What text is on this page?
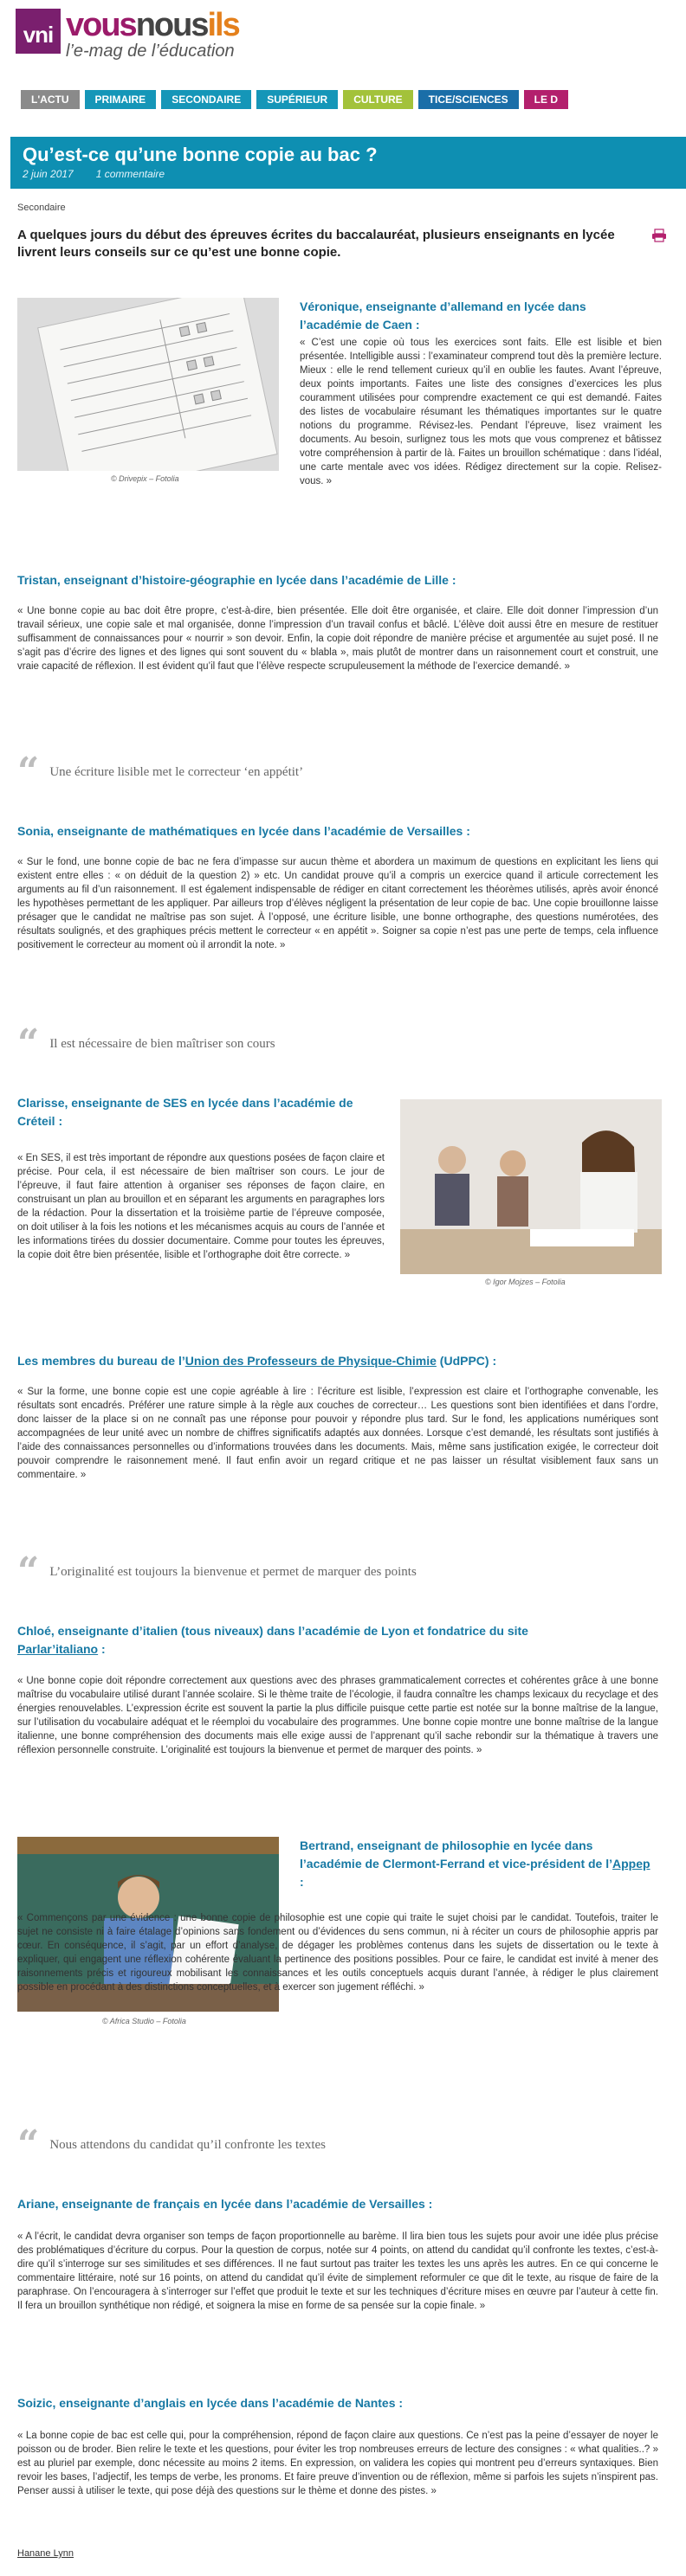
vni vousnousils
l’e-mag de l’éducation
L'ACTU	PRIMAIRE	SECONDAIRE	SUPÉRIEUR	CULTURE	TICE/SCIENCES	LE D
Qu’est-ce qu’une bonne copie au bac ?
2 juin 2017 1 commentaire
Secondaire
A quelques jours du début des épreuves écrites du baccalauréat, plusieurs enseignants en lycée livrent leurs conseils sur ce qu’est une bonne copie.
© Drivepix – Fotolia
Véronique, enseignante d’allemand en lycée dans l’académie de Caen :
« C’est une copie où tous les exercices sont faits. Elle est lisible et bien présentée. Intelligible aussi : l’examinateur comprend tout dès la première lecture. Mieux : elle le rend tellement curieux qu’il en oublie les fautes. Avant l’épreuve, deux points importants. Faites une liste des consignes d’exercices les plus couramment utilisées pour comprendre exactement ce qui est demandé. Faites des listes de vocabulaire résumant les thématiques importantes sur le quatre notions du programme. Révisez-les. Pendant l’épreuve, lisez vraiment les documents. Au besoin, surlignez tous les mots que vous comprenez et bâtissez votre compréhension à partir de là. Faites un brouillon schématique : dans l’idéal, une carte mentale avec vos idées. Rédigez directement sur la copie. Relisez-vous. »
Tristan, enseignant d’histoire-géographie en lycée dans l’académie de Lille :
« Une bonne copie au bac doit être propre, c’est-à-dire, bien présentée. Elle doit être organisée, et claire. Elle doit donner l’impression d’un travail sérieux, une copie sale et mal organisée, donne l’impression d’un travail confus et bâclé. L’élève doit aussi être en mesure de restituer suffisamment de connaissances pour « nourrir » son devoir. Enfin, la copie doit répondre de manière précise et argumentée au sujet posé. Il ne s’agit pas d’écrire des lignes et des lignes qui sont souvent du « blabla », mais plutôt de montrer dans un raisonnement court et construit, une vraie capacité de réflexion. Il est évident qu’il faut que l’élève respecte scrupuleusement la méthode de l’exercice demandé. »
“ Une écriture lisible met le correcteur ‘en appétit’
Sonia, enseignante de mathématiques en lycée dans l’académie de Versailles :
« Sur le fond, une bonne copie de bac ne fera d’impasse sur aucun thème et abordera un maximum de questions en explicitant les liens qui existent entre elles : « on déduit de la question 2) » etc. Un candidat prouve qu’il a compris un exercice quand il articule correctement les arguments au fil d’un raisonnement. Il est également indispensable de rédiger en citant correctement les théorèmes utilisés, après avoir énoncé les hypothèses permettant de les appliquer. Par ailleurs trop d’élèves négligent la présentation de leur copie de bac. Une copie brouillonne laisse présager que le candidat ne maîtrise pas son sujet. À l’opposé, une écriture lisible, une bonne orthographe, des questions numérotées, des résultats soulignés, et des graphiques précis mettent le correcteur « en appétit ». Soigner sa copie n’est pas une perte de temps, cela influence positivement le correcteur au moment où il arrondit la note. »
“ Il est nécessaire de bien maîtriser son cours
Clarisse, enseignante de SES en lycée dans l’académie de Créteil :
« En SES, il est très important de répondre aux questions posées de façon claire et précise. Pour cela, il est nécessaire de bien maîtriser son cours. Le jour de l’épreuve, il faut faire attention à organiser ses réponses de façon claire, en construisant un plan au brouillon et en séparant les arguments en paragraphes lors de la rédaction. Pour la dissertation et la troisième partie de l’épreuve composée, on doit utiliser à la fois les notions et les mécanismes acquis au cours de l’année et les informations tirées du dossier documentaire. Comme pour toutes les épreuves, la copie doit être bien présentée, lisible et l’orthographe doit être correcte. »
© Igor Mojzes – Fotolia
Les membres du bureau de l’Union des Professeurs de Physique-Chimie (UdPPC) :
« Sur la forme, une bonne copie est une copie agréable à lire : l’écriture est lisible, l’expression est claire et l’orthographe convenable, les résultats sont encadrés. Préférer une rature simple à la règle aux couches de correcteur… Les questions sont bien identifiées et dans l’ordre, donc laisser de la place si on ne connaît pas une réponse pour pouvoir y répondre plus tard. Sur le fond, les applications numériques sont accompagnées de leur unité avec un nombre de chiffres significatifs adaptés aux données. Lorsque c’est demandé, les résultats sont justifiés à l’aide des connaissances personnelles ou d’informations trouvées dans les documents. Mais, même sans justification exigée, le correcteur doit pouvoir comprendre le raisonnement mené. Il faut enfin avoir un regard critique et ne pas laisser un résultat visiblement faux sans un commentaire. »
“ L’originalité est toujours la bienvenue et permet de marquer des points
Chloé, enseignante d’italien (tous niveaux) dans l’académie de Lyon et fondatrice du site Parlar’italiano :
« Une bonne copie doit répondre correctement aux questions avec des phrases grammaticalement correctes et cohérentes grâce à une bonne maîtrise du vocabulaire utilisé durant l’année scolaire. Si le thème traite de l’écologie, il faudra connaître les champs lexicaux du recyclage et des énergies renouvelables. L’expression écrite est souvent la partie la plus difficile puisque cette partie est notée sur la bonne maîtrise de la langue, sur l’utilisation du vocabulaire adéquat et le réemploi du vocabulaire des programmes. Une bonne copie montre une bonne maîtrise de la langue italienne, une bonne compréhension des documents mais elle exige aussi de l’apprenant qu’il sache rebondir sur la thématique à travers une réflexion personnelle construite. L’originalité est toujours la bienvenue et permet de marquer des points. »
© Africa Studio – Fotolia
Bertrand, enseignant de philosophie en lycée dans l’académie de Clermont-Ferrand et vice-président de l’Appep :
« Commençons par une évidence : une bonne copie de philosophie est une copie qui traite le sujet choisi par le candidat. Toutefois, traiter le sujet ne consiste ni à faire étalage d’opinions sans fondement ou d’évidences du sens commun, ni à réciter un cours de philosophie appris par cœur. En conséquence, il s’agit, par un effort d’analyse, de dégager les problèmes contenus dans les sujets de dissertation ou le texte à expliquer, qui engagent une réflexion cohérente évaluant la pertinence des positions possibles. Pour ce faire, le candidat est invité à mener des raisonnements précis et rigoureux mobilisant les connaissances et les outils conceptuels acquis durant l’année, à rédiger le plus clairement possible en procédant à des distinctions conceptuelles, et à exercer son jugement réfléchi. »
“ Nous attendons du candidat qu’il confronte les textes
Ariane, enseignante de français en lycée dans l’académie de Versailles :
« A l’écrit, le candidat devra organiser son temps de façon proportionnelle au barème. Il lira bien tous les sujets pour avoir une idée plus précise des problématiques d’écriture du corpus. Pour la question de corpus, notée sur 4 points, on attend du candidat qu’il confronte les textes, c’est-à-dire qu’il s’interroge sur ses similitudes et ses différences. Il ne faut surtout pas traiter les textes les uns après les autres. En ce qui concerne le commentaire littéraire, noté sur 16 points, on attend du candidat qu’il évite de simplement reformuler ce que dit le texte, au risque de faire de la paraphrase. On l’encouragera à s’interroger sur l’effet que produit le texte et sur les techniques d’écriture mises en œuvre par l’auteur à cette fin. Il fera un brouillon synthétique non rédigé, et soignera la mise en forme de sa pensée sur la copie finale. »
Soizic, enseignante d’anglais en lycée dans l’académie de Nantes :
« La bonne copie de bac est celle qui, pour la compréhension, répond de façon claire aux questions. Ce n’est pas la peine d’essayer de noyer le poisson ou de broder. Bien relire le texte et les questions, pour éviter les trop nombreuses erreurs de lecture des consignes : « what qualities..? » est au pluriel par exemple, donc nécessite au moins 2 items. En expression, on validera les copies qui montrent peu d’erreurs syntaxiques. Bien revoir les bases, l’adjectif, les temps de verbe, les pronoms. Et faire preuve d’invention ou de réflexion, même si parfois les sujets n’inspirent pas. Penser aussi à utiliser le texte, qui pose déjà des questions sur le thème et donne des pistes. »
Hanane Lynn
